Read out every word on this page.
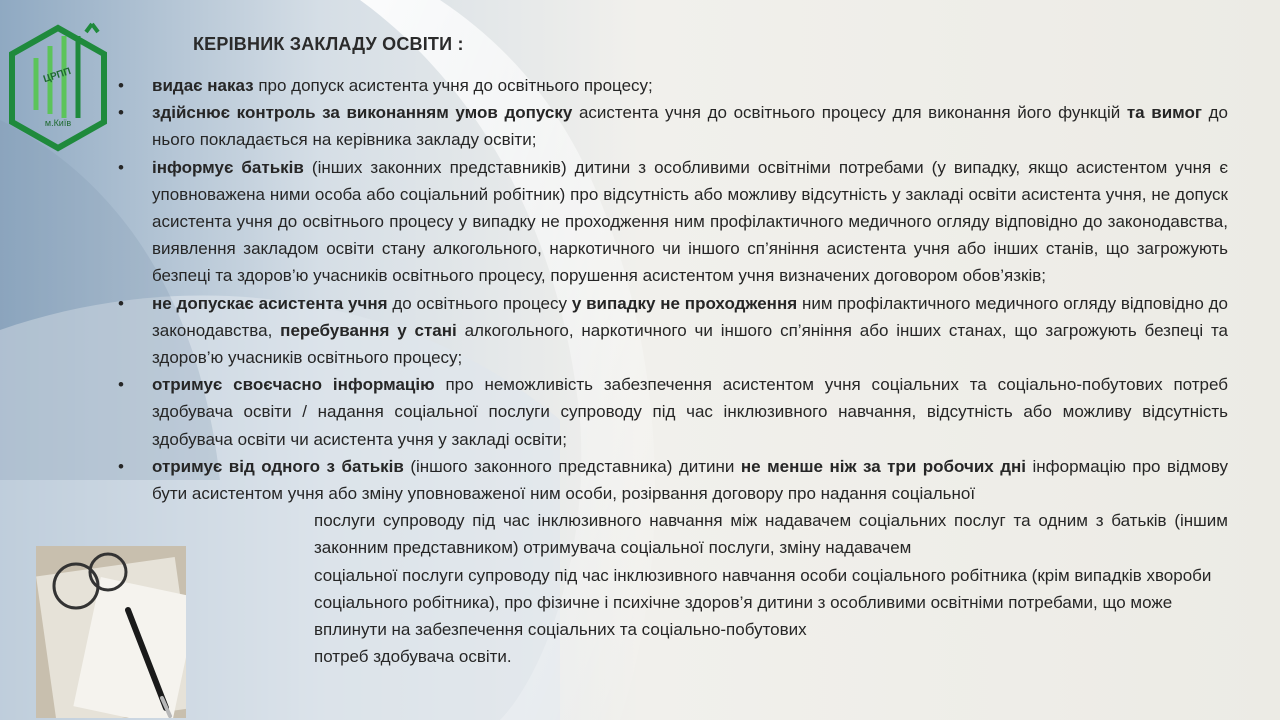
ЦРПП
м.Київ
КЕРІВНИК ЗАКЛАДУ ОСВІТИ :
• видає наказ про допуск асистента учня до освітнього процесу;
• здійснює контроль за виконанням умов допуску асистента учня до освітнього процесу для виконання його функцій та вимог до нього покладається на керівника закладу освіти;
• інформує батьків (інших законних представників) дитини з особливими освітніми потребами (у випадку, якщо асистентом учня є уповноважена ними особа або соціальний робітник) про відсутність або можливу відсутність у закладі освіти асистента учня, не допуск асистента учня до освітнього процесу у випадку не проходження ним профілактичного медичного огляду відповідно до законодавства, виявлення закладом освіти стану алкогольного, наркотичного чи іншого сп’яніння асистента учня або інших станів, що загрожують безпеці та здоров’ю учасників освітнього процесу, порушення асистентом учня визначених договором обов’язків;
• не допускає асистента учня до освітнього процесу у випадку не проходження ним профілактичного медичного огляду відповідно до законодавства, перебування у стані алкогольного, наркотичного чи іншого сп’яніння або інших станах, що загрожують безпеці та здоров’ю учасників освітнього процесу;
• отримує своєчасно інформацію про неможливість забезпечення асистентом учня соціальних та соціально-побутових потреб здобувача освіти / надання соціальної послуги супроводу під час інклюзивного навчання, відсутність або можливу відсутність здобувача освіти чи асистента учня у закладі освіти;
• отримує від одного з батьків (іншого законного представника) дитини не менше ніж за три робочих дні інформацію про відмову бути асистентом учня або зміну уповноваженої ним особи, розірвання договору про надання соціальної
послуги супроводу під час інклюзивного навчання між надавачем соціальних послуг та одним з батьків (іншим законним представником) отримувача соціальної послуги, зміну надавачем
соціальної послуги супроводу під час інклюзивного навчання особи соціального робітника (крім випадків хвороби соціального робітника), про фізичне і психічне здоров’я дитини з особливими освітніми потребами, що може вплинути на забезпечення соціальних та соціально-побутових
потреб здобувача освіти.
